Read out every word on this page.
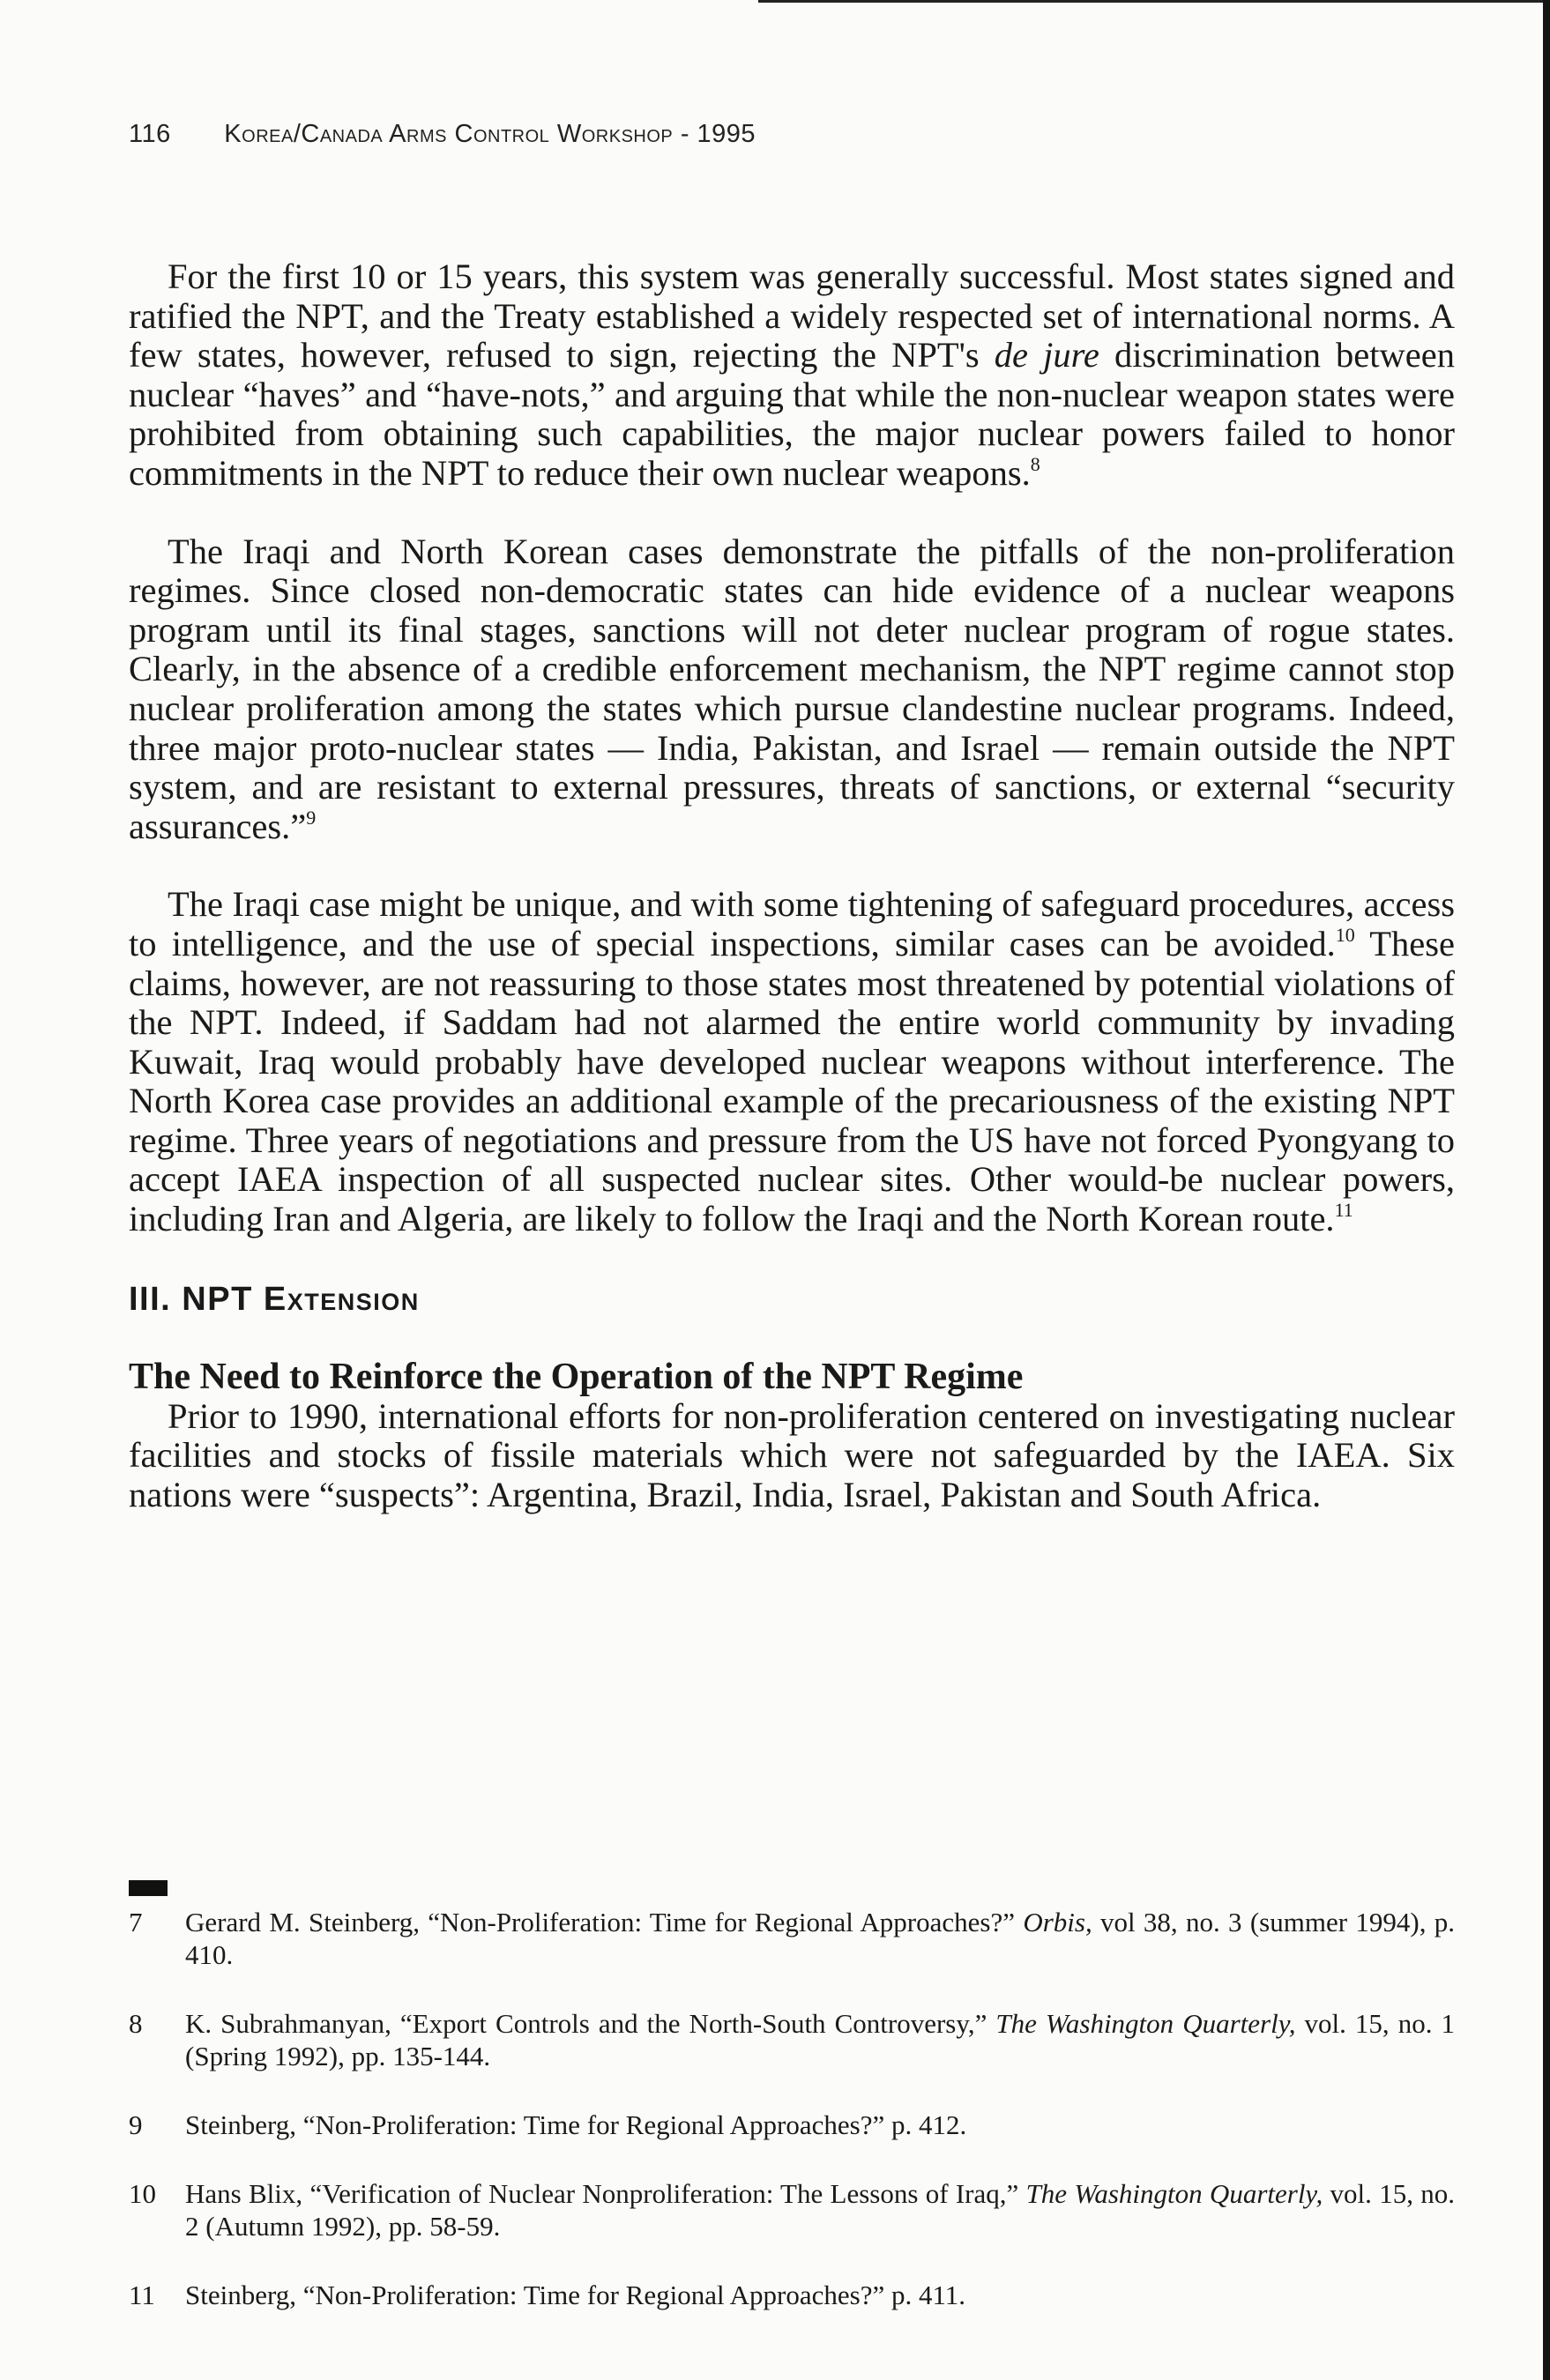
116 Korea/Canada Arms Control Workshop - 1995

For the first 10 or 15 years, this system was generally successful. Most states signed and ratified the NPT, and the Treaty established a widely respected set of international norms. A few states, however, refused to sign, rejecting the NPT's de jure discrimination between nuclear “haves” and “have-nots,” and arguing that while the non-nuclear weapon states were prohibited from obtaining such capabilities, the major nuclear powers failed to honor commitments in the NPT to reduce their own nuclear weapons.$^8$

The Iraqi and North Korean cases demonstrate the pitfalls of the non-proliferation regimes. Since closed non-democratic states can hide evidence of a nuclear weapons program until its final stages, sanctions will not deter nuclear program of rogue states. Clearly, in the absence of a credible enforcement mechanism, the NPT regime cannot stop nuclear proliferation among the states which pursue clandestine nuclear programs. Indeed, three major proto-nuclear states — India, Pakistan, and Israel — remain outside the NPT system, and are resistant to external pressures, threats of sanctions, or external “security assurances.”$^9$

The Iraqi case might be unique, and with some tightening of safeguard procedures, access to intelligence, and the use of special inspections, similar cases can be avoided.$^{10}$ These claims, however, are not reassuring to those states most threatened by potential violations of the NPT. Indeed, if Saddam had not alarmed the entire world community by invading Kuwait, Iraq would probably have developed nuclear weapons without interference. The North Korea case provides an additional example of the precariousness of the existing NPT regime. Three years of negotiations and pressure from the US have not forced Pyongyang to accept IAEA inspection of all suspected nuclear sites. Other would-be nuclear powers, including Iran and Algeria, are likely to follow the Iraqi and the North Korean route.$^{11}$

III. NPT Extension

The Need to Reinforce the Operation of the NPT Regime

Prior to 1990, international efforts for non-proliferation centered on investigating nuclear facilities and stocks of fissile materials which were not safeguarded by the IAEA. Six nations were “suspects”: Argentina, Brazil, India, Israel, Pakistan and South Africa.

7	Gerard M. Steinberg, “Non-Proliferation: Time for Regional Approaches?” Orbis, vol 38, no. 3 (summer 1994), p. 410.
8	K. Subrahmanyan, “Export Controls and the North-South Controversy,” The Washington Quarterly, vol. 15, no. 1 (Spring 1992), pp. 135-144.
9	Steinberg, “Non-Proliferation: Time for Regional Approaches?” p. 412.
10	Hans Blix, “Verification of Nuclear Nonproliferation: The Lessons of Iraq,” The Washington Quarterly, vol. 15, no. 2 (Autumn 1992), pp. 58-59.
11	Steinberg, “Non-Proliferation: Time for Regional Approaches?” p. 411.
